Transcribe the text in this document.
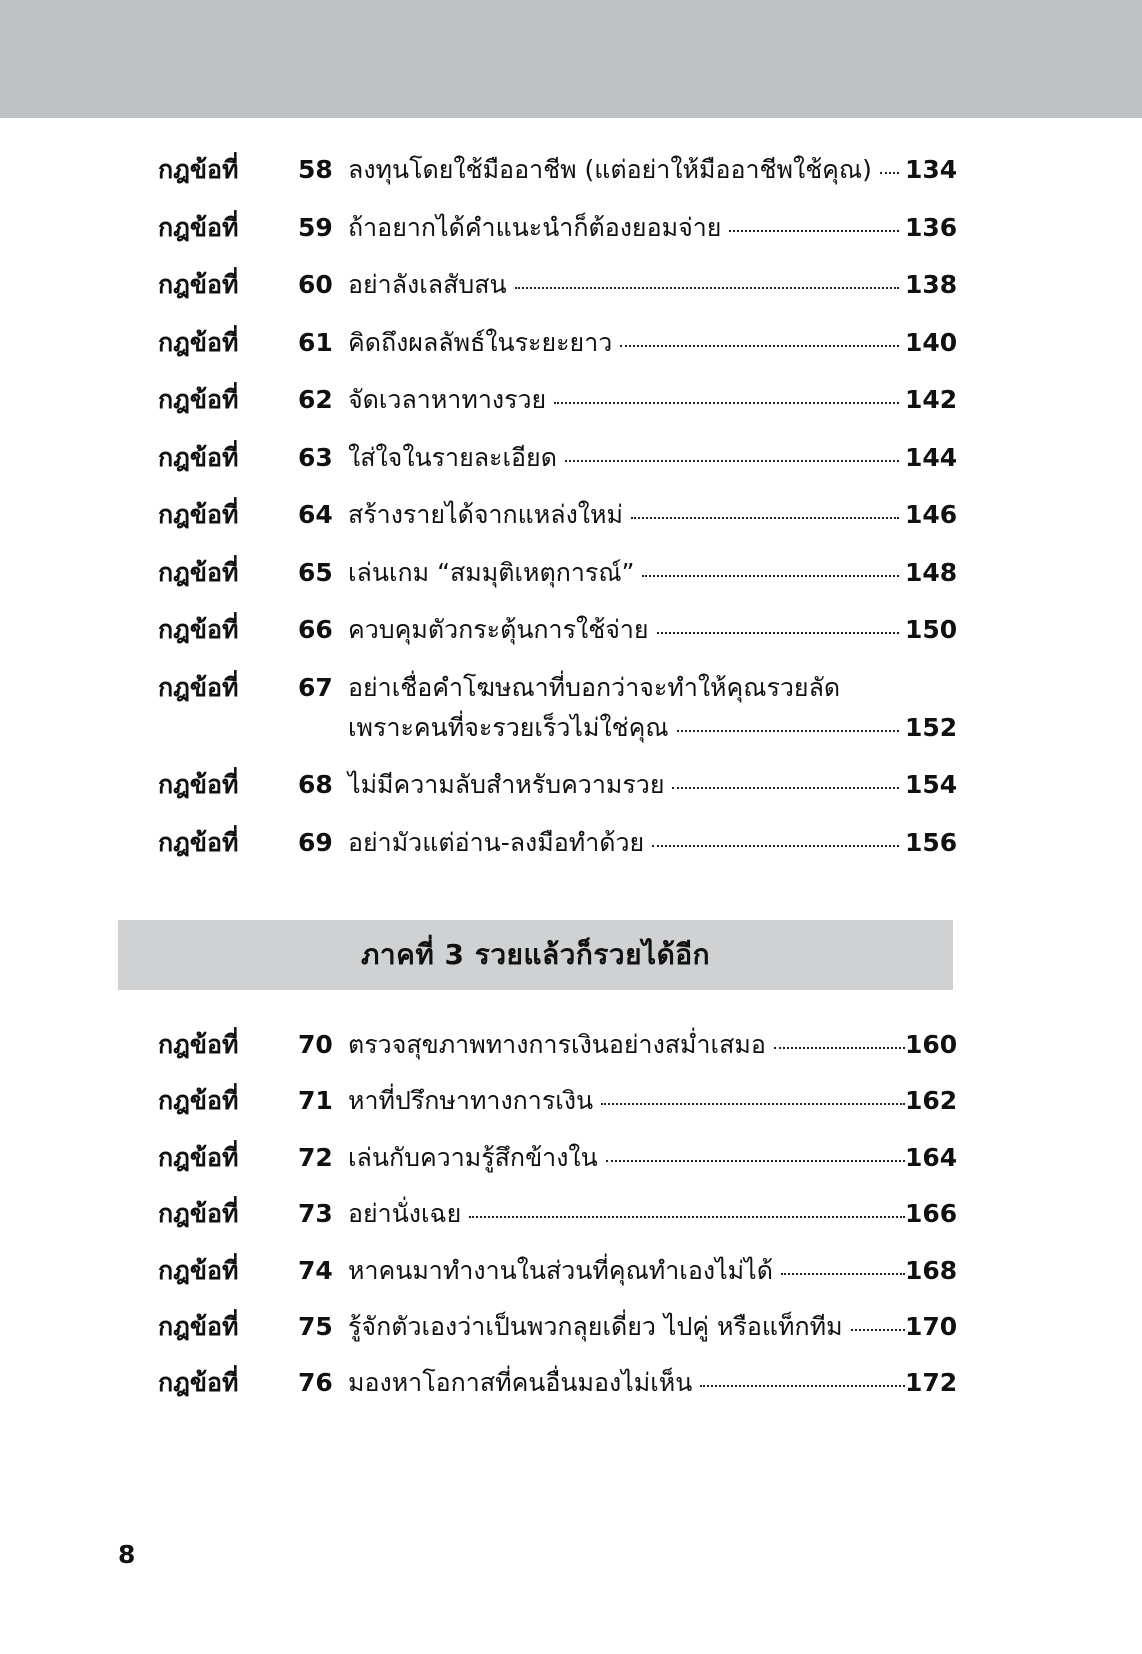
กฎข้อที่	58 ลงทุนโดยใช้มืออาชีพ (แต่อย่าให้มืออาชีพใช้คุณ) 134
กฎข้อที่	59 ถ้าอยากได้คำแนะนำก็ต้องยอมจ่าย	136
กฎข้อที่	60 อย่าลังเลสับสน	138
กฎข้อที่	61 คิดถึงผลลัพธ์ในระยะยาว	140
กฎข้อที่	62 จัดเวลาหาทางรวย	142
กฎข้อที่	63 ใส่ใจในรายละเอียด	144
กฎข้อที่	64 สร้างรายได้จากแหล่งใหม่	146
กฎข้อที่	65 เล่นเกม “สมมุติเหตุการณ์”	148
กฎข้อที่	66 ควบคุมตัวกระตุ้นการใช้จ่าย	150
กฎข้อที่	67 อย่าเชื่อคำโฆษณาที่บอกว่าจะทำให้คุณรวยลัด
เพราะคนที่จะรวยเร็วไม่ใช่คุณ	152
กฎข้อที่	68 ไม่มีความลับสำหรับความรวย	154
กฎข้อที่	69 อย่ามัวแต่อ่าน-ลงมือทำด้วย	156
ภาคที่ 3 รวยแล้วก็รวยได้อีก
กฎข้อที่	70 ตรวจสุขภาพทางการเงินอย่างสม่ำเสมอ	160
กฎข้อที่	71 หาที่ปรึกษาทางการเงิน	162
กฎข้อที่	72 เล่นกับความรู้สึกข้างใน	164
กฎข้อที่	73 อย่านั่งเฉย	166
กฎข้อที่	74 หาคนมาทำงานในส่วนที่คุณทำเองไม่ได้	168
กฎข้อที่	75 รู้จักตัวเองว่าเป็นพวกลุยเดี่ยว ไปคู่ หรือแท็กทีม 170
กฎข้อที่	76 มองหาโอกาสที่คนอื่นมองไม่เห็น	172
8
